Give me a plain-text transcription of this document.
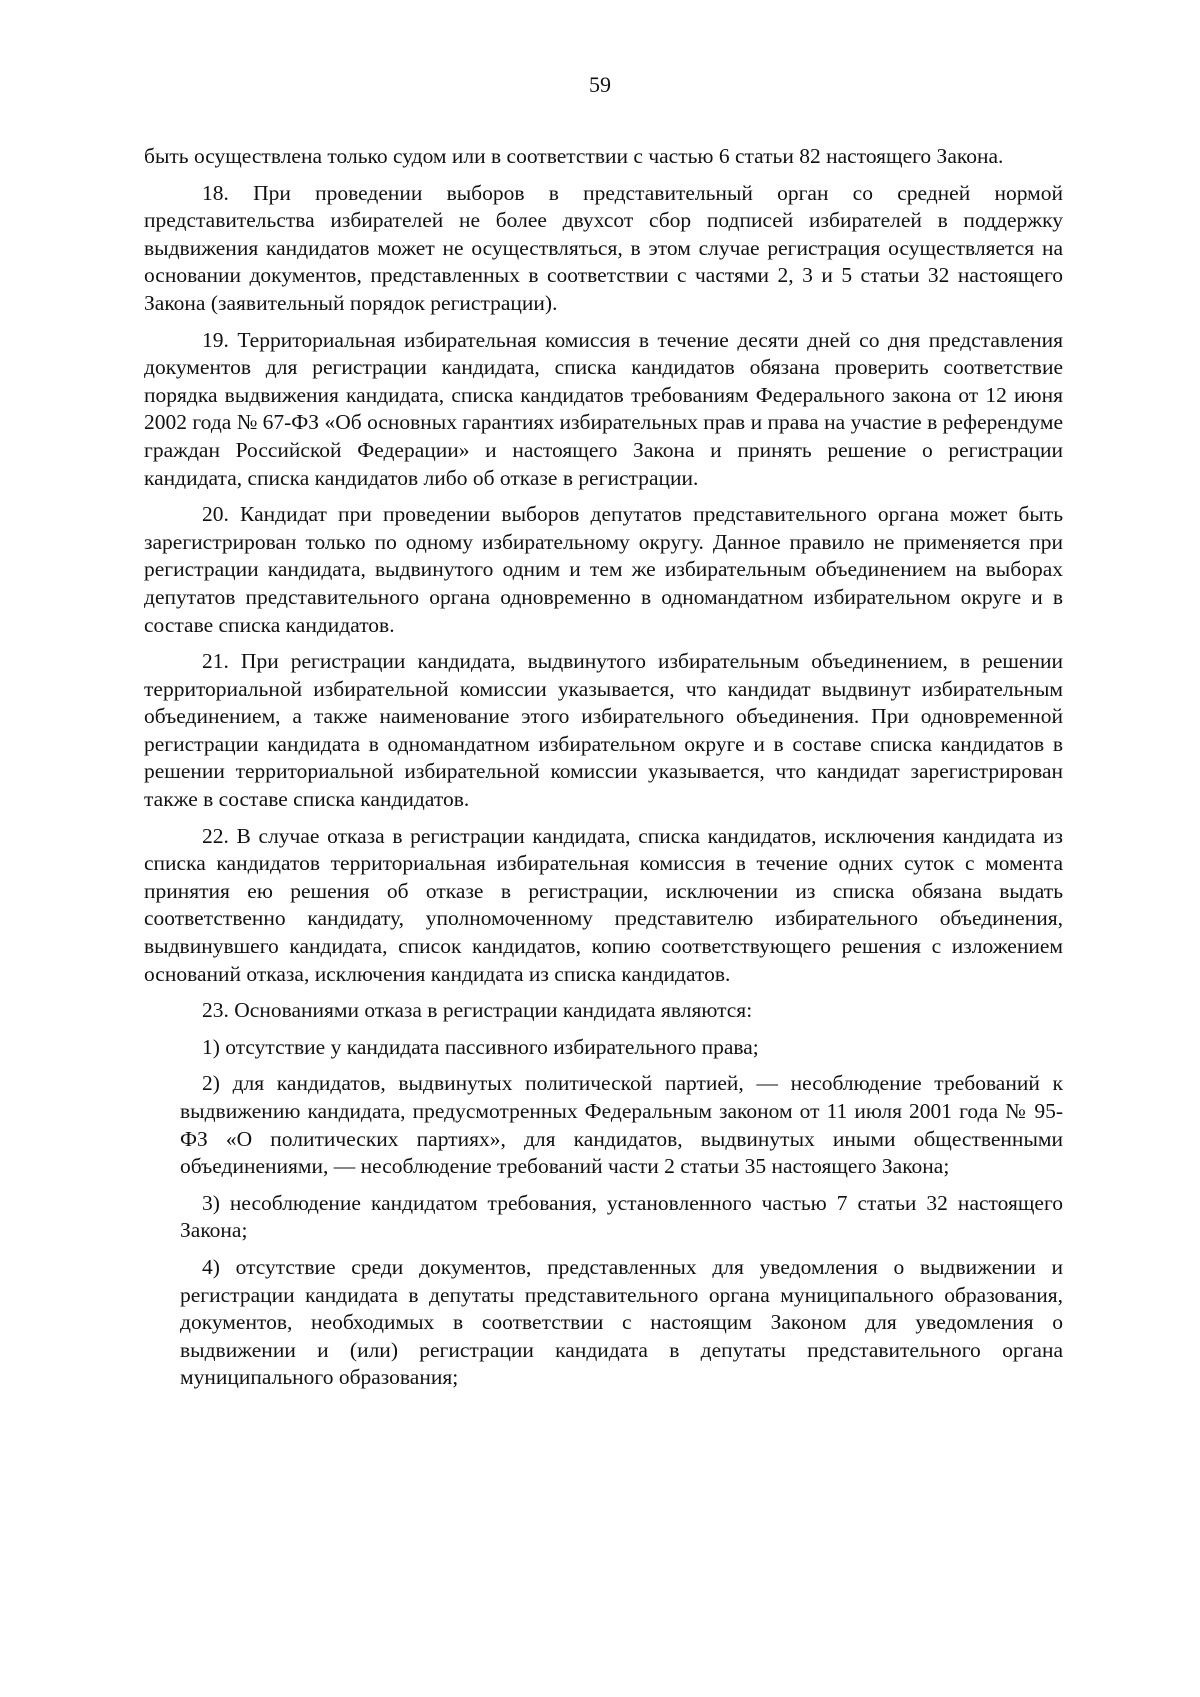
59

быть осуществлена только судом или в соответствии с частью 6 статьи 82 настоящего Закона.

18. При проведении выборов в представительный орган со средней нормой представительства избирателей не более двухсот сбор подписей избирателей в поддержку выдвижения кандидатов может не осуществляться, в этом случае регистрация осуществляется на основании документов, представленных в соответствии с частями 2, 3 и 5 статьи 32 настоящего Закона (заявительный порядок регистрации).

19. Территориальная избирательная комиссия в течение десяти дней со дня представления документов для регистрации кандидата, списка кандидатов обязана проверить соответствие порядка выдвижения кандидата, списка кандидатов требованиям Федерального закона от 12 июня 2002 года № 67-ФЗ «Об основных гарантиях избирательных прав и права на участие в референдуме граждан Российской Федерации» и настоящего Закона и принять решение о регистрации кандидата, списка кандидатов либо об отказе в регистрации.

20. Кандидат при проведении выборов депутатов представительного органа может быть зарегистрирован только по одному избирательному округу. Данное правило не применяется при регистрации кандидата, выдвинутого одним и тем же избирательным объединением на выборах депутатов представительного органа одновременно в одномандатном избирательном округе и в составе списка кандидатов.

21. При регистрации кандидата, выдвинутого избирательным объединением, в решении территориальной избирательной комиссии указывается, что кандидат выдвинут избирательным объединением, а также наименование этого избирательного объединения. При одновременной регистрации кандидата в одномандатном избирательном округе и в составе списка кандидатов в решении территориальной избирательной комиссии указывается, что кандидат зарегистрирован также в составе списка кандидатов.

22. В случае отказа в регистрации кандидата, списка кандидатов, исключения кандидата из списка кандидатов территориальная избирательная комиссия в течение одних суток с момента принятия ею решения об отказе в регистрации, исключении из списка обязана выдать соответственно кандидату, уполномоченному представителю избирательного объединения, выдвинувшего кандидата, список кандидатов, копию соответствующего решения с изложением оснований отказа, исключения кандидата из списка кандидатов.

23. Основаниями отказа в регистрации кандидата являются:

1) отсутствие у кандидата пассивного избирательного права;

2) для кандидатов, выдвинутых политической партией, — несоблюдение требований к выдвижению кандидата, предусмотренных Федеральным законом от 11 июля 2001 года № 95-ФЗ «О политических партиях», для кандидатов, выдвинутых иными общественными объединениями, — несоблюдение требований части 2 статьи 35 настоящего Закона;

3) несоблюдение кандидатом требования, установленного частью 7 статьи 32 настоящего Закона;

4) отсутствие среди документов, представленных для уведомления о выдвижении и регистрации кандидата в депутаты представительного органа муниципального образования, документов, необходимых в соответствии с настоящим Законом для уведомления о выдвижении и (или) регистрации кандидата в депутаты представительного органа муниципального образования;
